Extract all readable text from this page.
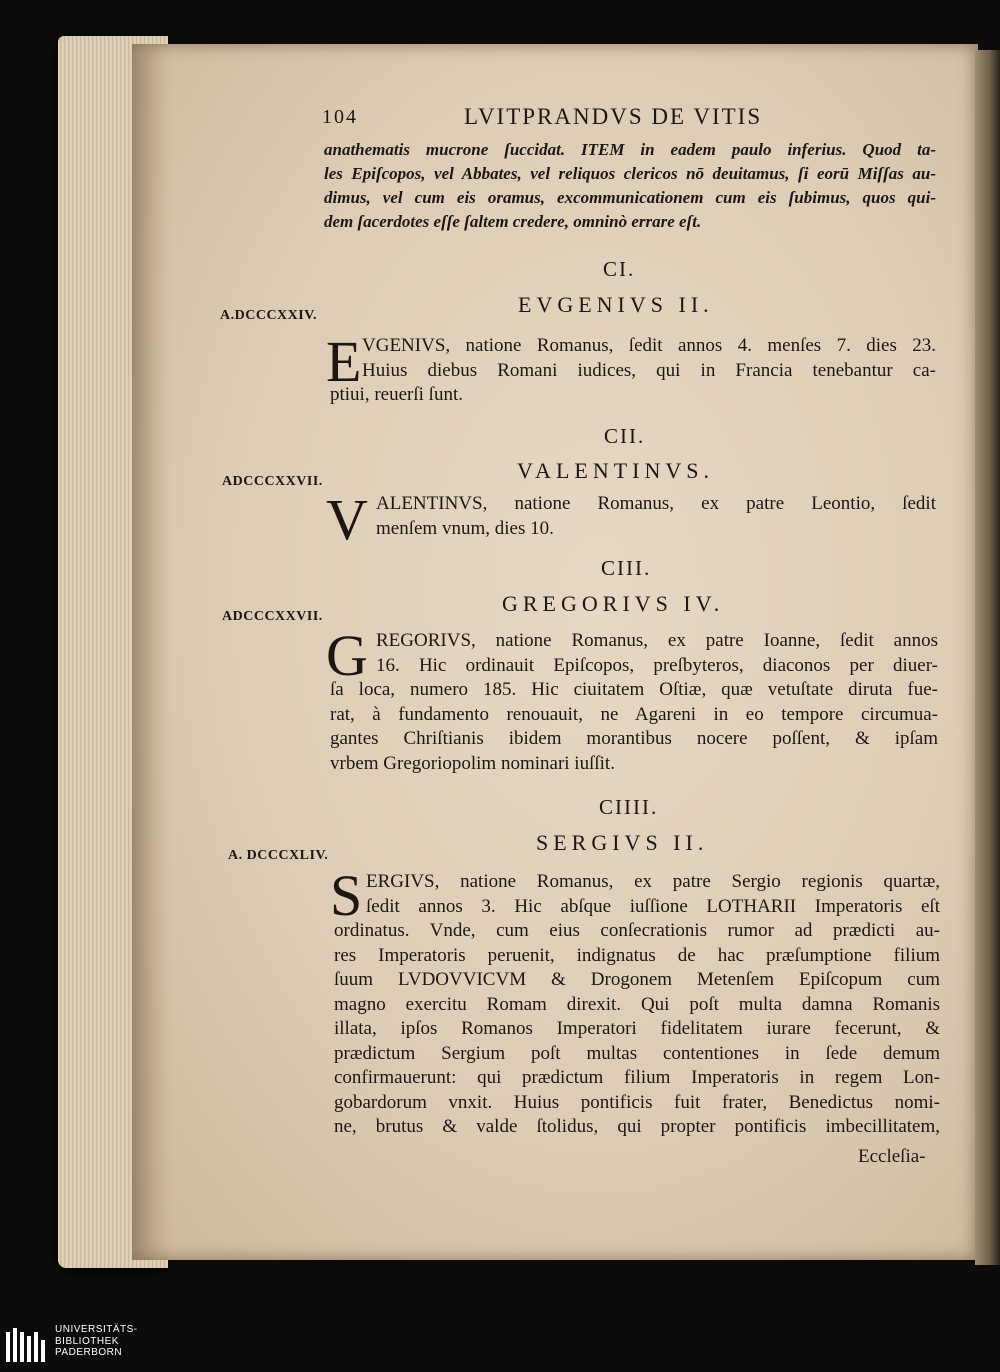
104	LVITPRANDVS DE VITIS
anathematis mucrone ſuccidat. ITEM in eadem paulo inferius. Quod ta-
les Epiſcopos, vel Abbates, vel reliquos clericos nō deuitamus, ſi eorū Miſſas au-
dimus, vel cum eis oramus, excommunicationem cum eis ſubimus, quos qui-
dem ſacerdotes eſſe ſaltem credere, omninò errare eſt.
CI.
A.DCCCXXIV.	EVGENIVS II.
E VGENIVS, natione Romanus, ſedit annos 4. menſes 7. dies 23.
Huius diebus Romani iudices, qui in Francia tenebantur ca-
ptiui, reuerſi ſunt.
CII.
ADCCCXXVII.	VALENTINVS.
V ALENTINVS, natione Romanus, ex patre Leontio, ſedit
menſem vnum, dies 10.
CIII.
ADCCCXXVII.
GREGORIVS IV.
G REGORIVS, natione Romanus, ex patre Ioanne, ſedit annos
16. Hic ordinauit Epiſcopos, preſbyteros, diaconos per diuer-
ſa loca, numero 185. Hic ciuitatem Oſtiæ, quæ vetuſtate diruta fue-
rat, à fundamento renouauit, ne Agareni in eo tempore circumua-
gantes Chriſtianis ibidem morantibus nocere poſſent, & ipſam
vrbem Gregoriopolim nominari iuſſit.
CIIII.
A. DCCCXLIV.
SERGIVS II.
S ERGIVS, natione Romanus, ex patre Sergio regionis quartæ,
ſedit annos 3. Hic abſque iuſſione LOTHARII Imperatoris eſt
ordinatus. Vnde, cum eius conſecrationis rumor ad prædicti au-
res Imperatoris peruenit, indignatus de hac præſumptione filium
ſuum LVDOVVICVM & Drogonem Metenſem Epiſcopum cum
magno exercitu Romam direxit. Qui poſt multa damna Romanis
illata, ipſos Romanos Imperatori fidelitatem iurare fecerunt, &
prædictum Sergium poſt multas contentiones in ſede demum
confirmauerunt: qui prædictum filium Imperatoris in regem Lon-
gobardorum vnxit. Huius pontificis fuit frater, Benedictus nomi-
ne, brutus & valde ſtolidus, qui propter pontificis imbecillitatem,
Eccleſia-
UNIVERSITÄTS-
BIBLIOTHEK
PADERBORN
